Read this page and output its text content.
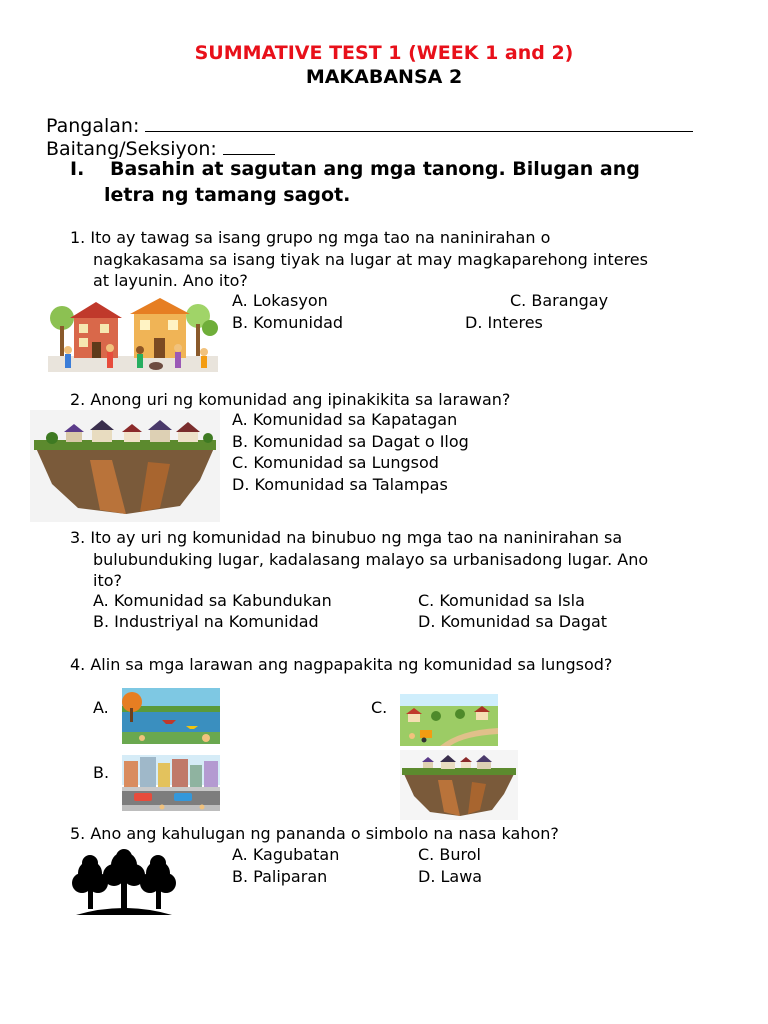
SUMMATIVE TEST 1 (WEEK 1 and 2)
MAKABANSA 2
Pangalan:
Baitang/Seksiyon:
I. Basahin at sagutan ang mga tanong. Bilugan ang
letra ng tamang sagot.
1. Ito ay tawag sa isang grupo ng mga tao na naninirahan o
nagkakasama sa isang tiyak na lugar at may magkaparehong interes
at layunin. Ano ito?
A. Lokasyon	C. Barangay
B. Komunidad	D. Interes
2. Anong uri ng komunidad ang ipinakikita sa larawan?
A. Komunidad sa Kapatagan
B. Komunidad sa Dagat o Ilog
C. Komunidad sa Lungsod
D. Komunidad sa Talampas
3. Ito ay uri ng komunidad na binubuo ng mga tao na naninirahan sa
bulubunduking lugar, kadalasang malayo sa urbanisadong lugar. Ano
ito?
A. Komunidad sa Kabundukan	C. Komunidad sa Isla
B. Industriyal na Komunidad	D. Komunidad sa Dagat
4. Alin sa mga larawan ang nagpapakita ng komunidad sa lungsod?
A.	C.
B.
5. Ano ang kahulugan ng pananda o simbolo na nasa kahon?
A. Kagubatan	C. Burol
B. Paliparan	D. Lawa
